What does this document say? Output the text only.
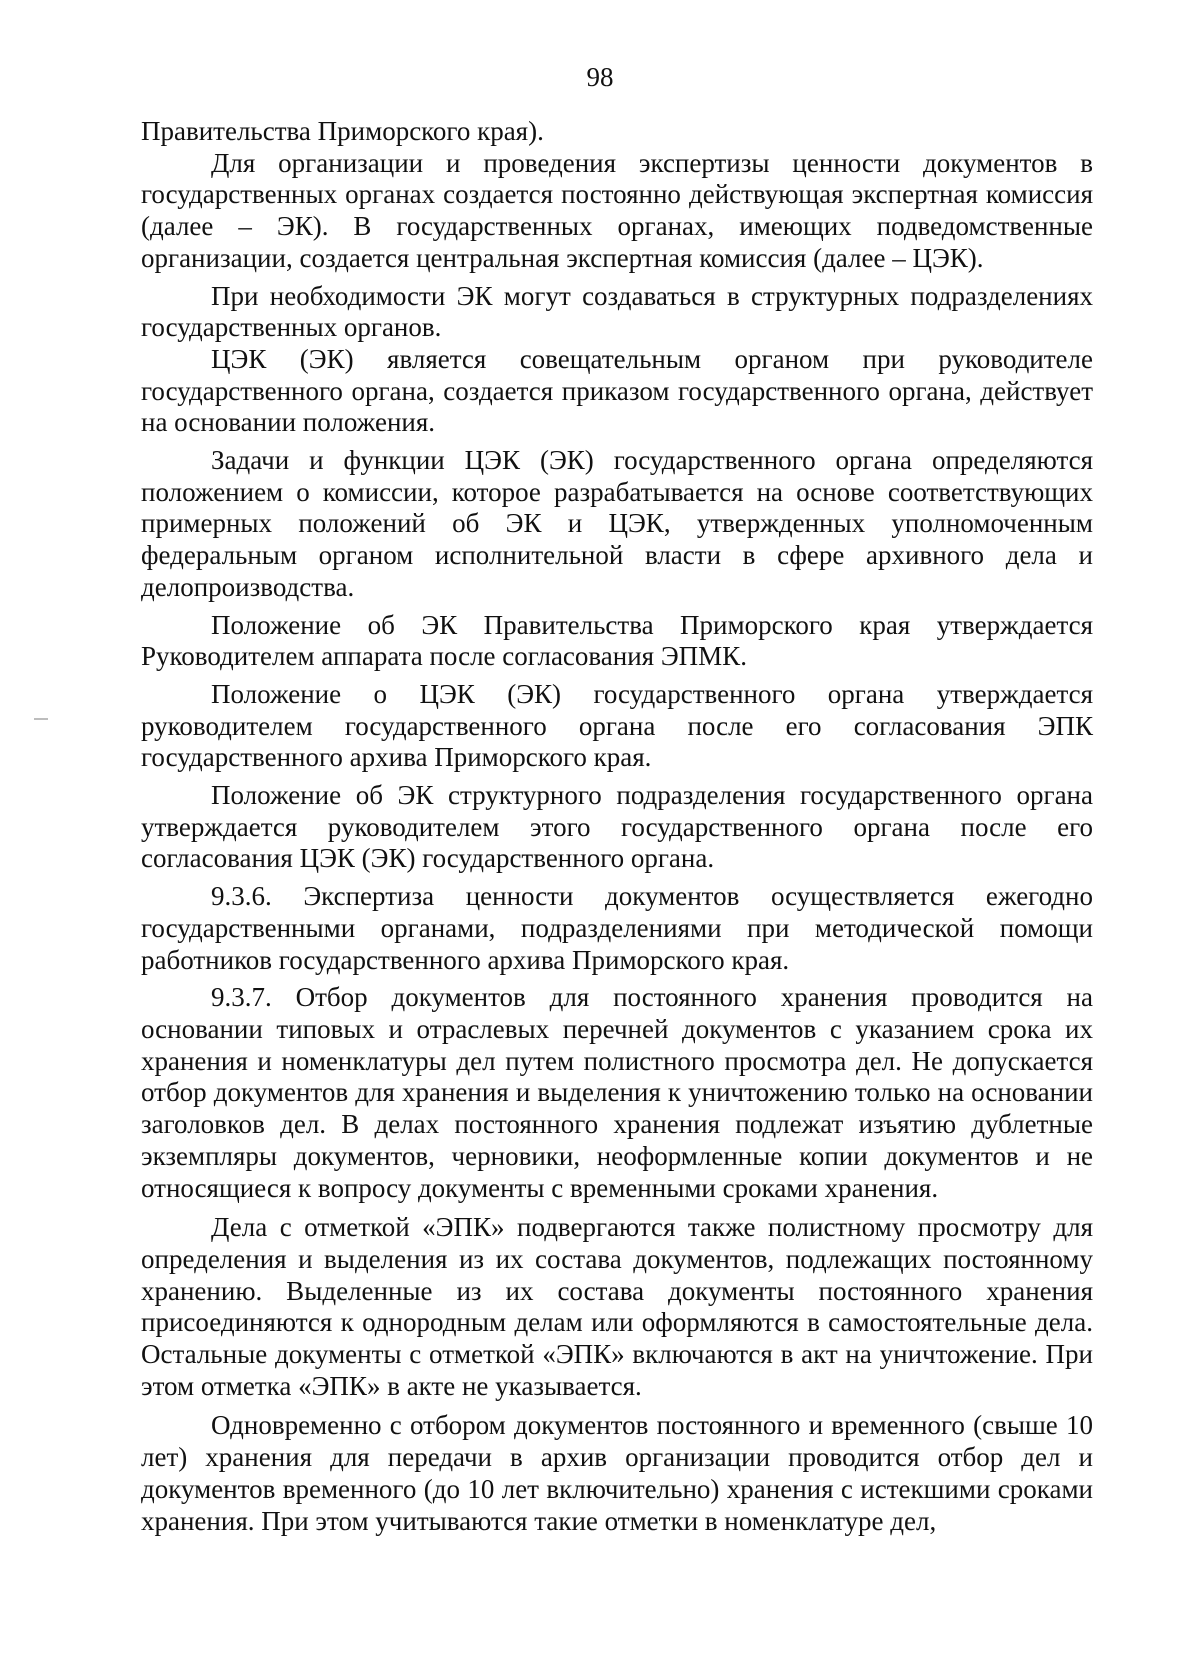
98

Правительства Приморского края).

Для организации и проведения экспертизы ценности документов в государственных органах создается постоянно действующая экспертная комиссия (далее – ЭК). В государственных органах, имеющих подведомственные организации, создается центральная экспертная комиссия (далее – ЦЭК).

При необходимости ЭК могут создаваться в структурных подразделениях государственных органов.

ЦЭК (ЭК) является совещательным органом при руководителе государственного органа, создается приказом государственного органа, действует на основании положения.

Задачи и функции ЦЭК (ЭК) государственного органа определяются положением о комиссии, которое разрабатывается на основе соответствующих примерных положений об ЭК и ЦЭК, утвержденных уполномоченным федеральным органом исполнительной власти в сфере архивного дела и делопроизводства.

Положение об ЭК Правительства Приморского края утверждается Руководителем аппарата после согласования ЭПМК.

Положение о ЦЭК (ЭК) государственного органа утверждается руководителем государственного органа после его согласования ЭПК государственного архива Приморского края.

Положение об ЭК структурного подразделения государственного органа утверждается руководителем этого государственного органа после его согласования ЦЭК (ЭК) государственного органа.

9.3.6. Экспертиза ценности документов осуществляется ежегодно государственными органами, подразделениями при методической помощи работников государственного архива Приморского края.

9.3.7. Отбор документов для постоянного хранения проводится на основании типовых и отраслевых перечней документов с указанием срока их хранения и номенклатуры дел путем полистного просмотра дел. Не допускается отбор документов для хранения и выделения к уничтожению только на основании заголовков дел. В делах постоянного хранения подлежат изъятию дублетные экземпляры документов, черновики, неоформленные копии документов и не относящиеся к вопросу документы с временными сроками хранения.

Дела с отметкой «ЭПК» подвергаются также полистному просмотру для определения и выделения из их состава документов, подлежащих постоянному хранению. Выделенные из их состава документы постоянного хранения присоединяются к однородным делам или оформляются в самостоятельные дела. Остальные документы с отметкой «ЭПК» включаются в акт на уничтожение. При этом отметка «ЭПК» в акте не указывается.

Одновременно с отбором документов постоянного и временного (свыше 10 лет) хранения для передачи в архив организации проводится отбор дел и документов временного (до 10 лет включительно) хранения с истекшими сроками хранения. При этом учитываются такие отметки в номенклатуре дел,
